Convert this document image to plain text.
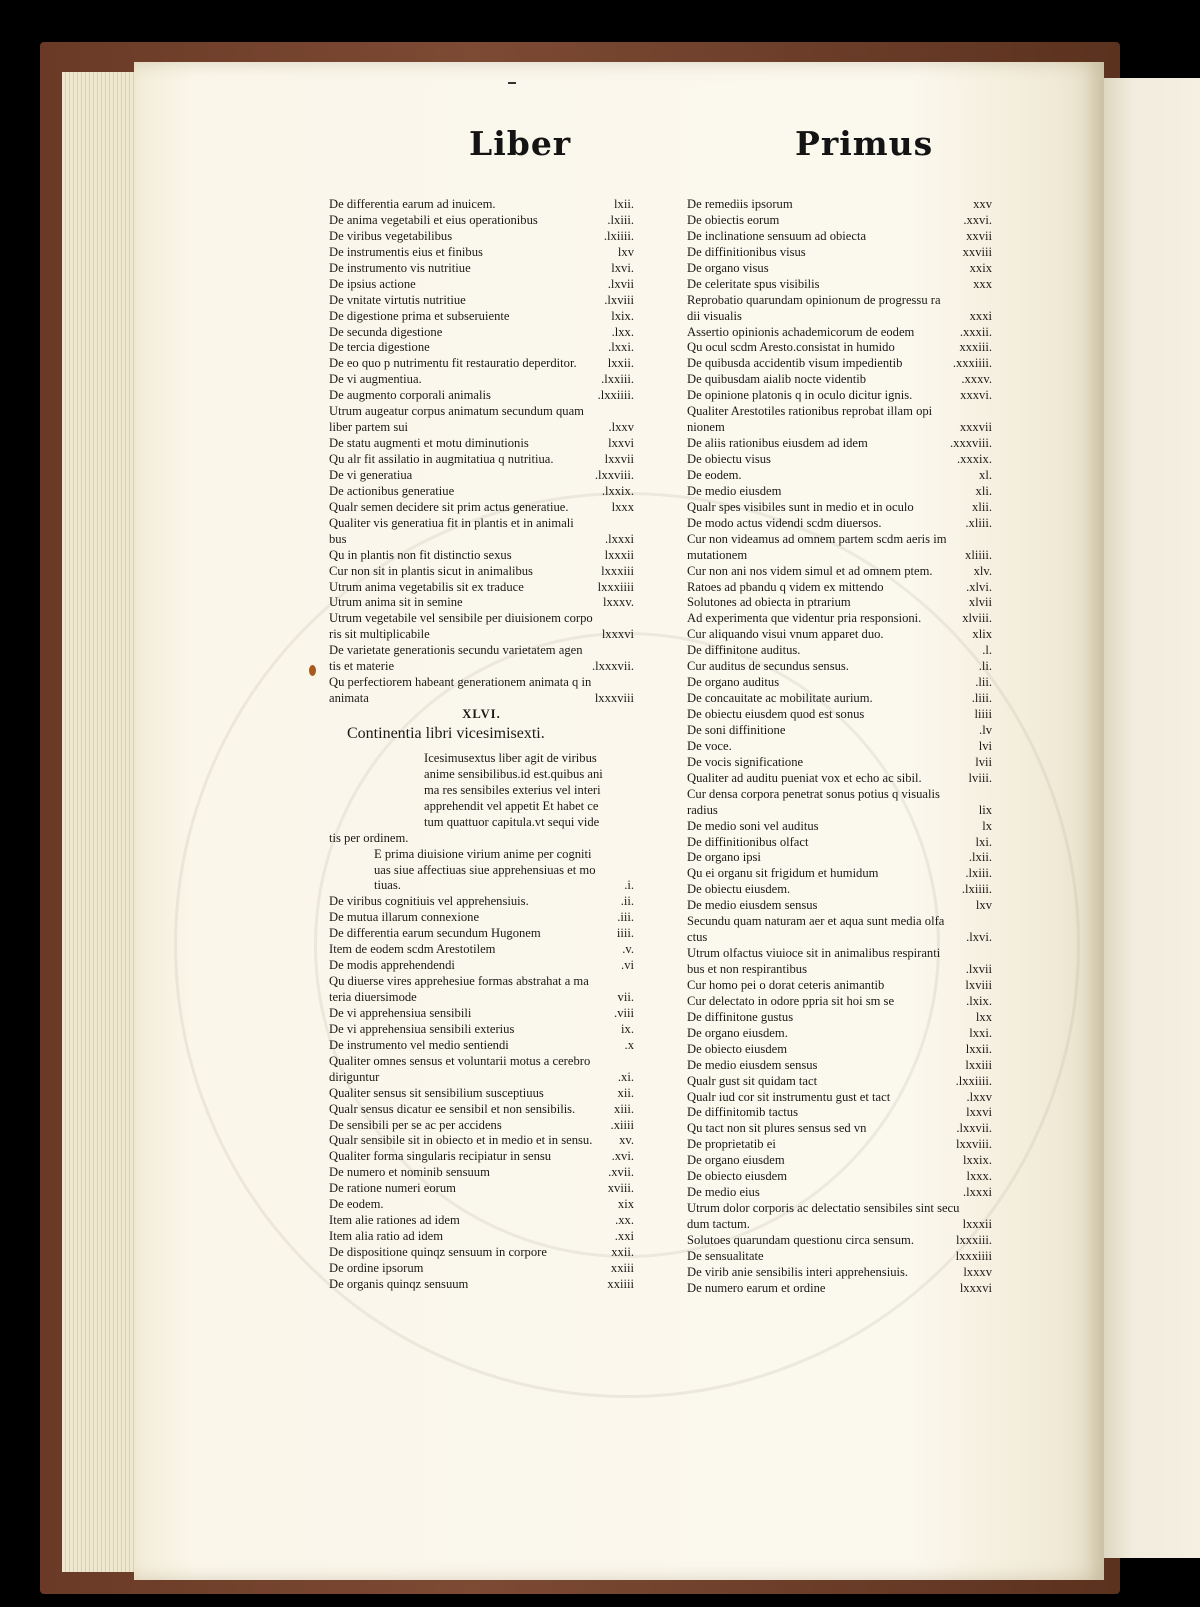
Liber	Primus
De differentia earum ad inuicem.	lxii.
De anima vegetabili et eius operationibus	.lxiii.
De viribus vegetabilibus	.lxiiii.
De instrumentis eius et finibus	lxv
De instrumento vis nutritiue	lxvi.
De ipsius actione	.lxvii
De vnitate virtutis nutritiue	.lxviii
De digestione prima et subseruiente	lxix.
De secunda digestione	.lxx.
De tercia digestione	.lxxi.
De eo quo p nutrimentu fit restauratio deperditor. lxxii.
De vi augmentiua.	.lxxiii.
De augmento corporali animalis	.lxxiiii.
Utrum augeatur corpus animatum secundum quam
liber partem sui	.lxxv
De statu augmenti et motu diminutionis	lxxvi
Qu alr fit assilatio in augmitatiua q nutritiua.	lxxvii
De vi generatiua	.lxxviii.
De actionibus generatiue	.lxxix.
Qualr semen decidere sit prim actus generatiue.	lxxx
Qualiter vis generatiua fit in plantis et in animali
bus	.lxxxi
Qu in plantis non fit distinctio sexus	lxxxii
Cur non sit in plantis sicut in animalibus	lxxxiii
Utrum anima vegetabilis sit ex traduce	lxxxiiii
Utrum anima sit in semine	lxxxv.
Utrum vegetabile vel sensibile per diuisionem corpo
ris sit multiplicabile	lxxxvi
De varietate generationis secundu varietatem agen
tis et materie	.lxxxvii.
Qu perfectiorem habeant generationem animata q in
animata	lxxxviii
XLVI.
Continentia libri vicesimisexti.
Icesimusextus liber agit de viribus
anime sensibilibus.id est.quibus ani
ma res sensibiles exterius vel interi
apprehendit vel appetit Et habet ce
tum quattuor capitula.vt sequi vide
tis per ordinem.
E prima diuisione virium anime per cogniti
uas siue affectiuas siue apprehensiuas et mo
tiuas.	.i.
De viribus cognitiuis vel apprehensiuis.	.ii.
De mutua illarum connexione	.iii.
De differentia earum secundum Hugonem	iiii.
Item de eodem scdm Arestotilem	.v.
De modis apprehendendi	.vi
Qu diuerse vires apprehesiue formas abstrahat a ma
teria diuersimode	vii.
De vi apprehensiua sensibili	.viii
De vi apprehensiua sensibili exterius	ix.
De instrumento vel medio sentiendi	.x
Qualiter omnes sensus et voluntarii motus a cerebro
diriguntur	.xi.
Qualiter sensus sit sensibilium susceptiuus	xii.
Qualr sensus dicatur ee sensibil et non sensibilis.	xiii.
De sensibili per se ac per accidens	.xiiii
Qualr sensibile sit in obiecto et in medio et in sensu. xv.
Qualiter forma singularis recipiatur in sensu	.xvi.
De numero et nominib sensuum	.xvii.
De ratione numeri eorum	xviii.
De eodem.	xix
Item alie rationes ad idem	.xx.
Item alia ratio ad idem	.xxi
De dispositione quinqz sensuum in corpore	xxii.
De ordine ipsorum	xxiii
De organis quinqz sensuum	xxiiii
De remediis ipsorum	xxv
De obiectis eorum	.xxvi.
De inclinatione sensuum ad obiecta	xxvii
De diffinitionibus visus	xxviii
De organo visus	xxix
De celeritate spus visibilis	xxx
Reprobatio quarundam opinionum de progressu ra
dii visualis	xxxi
Assertio opinionis achademicorum de eodem	.xxxii.
Qu ocul scdm Aresto.consistat in humido	xxxiii.
De quibusda accidentib visum impedientib	.xxxiiii.
De quibusdam aialib nocte videntib	.xxxv.
De opinione platonis q in oculo dicitur ignis.	xxxvi.
Qualiter Arestotiles rationibus reprobat illam opi
nionem	xxxvii
De aliis rationibus eiusdem ad idem	.xxxviii.
De obiectu visus	.xxxix.
De eodem.	xl.
De medio eiusdem	xli.
Qualr spes visibiles sunt in medio et in oculo	xlii.
De modo actus videndi scdm diuersos.	.xliii.
Cur non videamus ad omnem partem scdm aeris im
mutationem	xliiii.
Cur non ani nos videm simul et ad omnem ptem.	xlv.
Ratoes ad pbandu q videm ex mittendo	.xlvi.
Solutones ad obiecta in ptrarium	xlvii
Ad experimenta que videntur pria responsioni.	xlviii.
Cur aliquando visui vnum apparet duo.	xlix
De diffinitone auditus.	.l.
Cur auditus de secundus sensus.	.li.
De organo auditus	.lii.
De concauitate ac mobilitate aurium.	.liii.
De obiectu eiusdem quod est sonus	liiii
De soni diffinitione	.lv
De voce.	lvi
De vocis significatione	lvii
Qualiter ad auditu pueniat vox et echo ac sibil.	lviii.
Cur densa corpora penetrat sonus potius q visualis
radius	lix
De medio soni vel auditus	lx
De diffinitionibus olfact	lxi.
De organo ipsi	.lxii.
Qu ei organu sit frigidum et humidum	.lxiii.
De obiectu eiusdem.	.lxiiii.
De medio eiusdem sensus	lxv
Secundu quam naturam aer et aqua sunt media olfa
ctus	.lxvi.
Utrum olfactus viuioce sit in animalibus respiranti
bus et non respirantibus	.lxvii
Cur homo pei o dorat ceteris animantib	lxviii
Cur delectato in odore ppria sit hoi sm se	.lxix.
De diffinitone gustus	lxx
De organo eiusdem.	lxxi.
De obiecto eiusdem	lxxii.
De medio eiusdem sensus	lxxiii
Qualr gust sit quidam tact	.lxxiiii.
Qualr iud cor sit instrumentu gust et tact	.lxxv
De diffinitomib tactus	lxxvi
Qu tact non sit plures sensus sed vn	.lxxvii.
De proprietatib ei	lxxviii.
De organo eiusdem	lxxix.
De obiecto eiusdem	lxxx.
De medio eius	.lxxxi
Utrum dolor corporis ac delectatio sensibiles sint secu
dum tactum.	lxxxii
Solutoes quarundam questionu circa sensum.	lxxxiii.
De sensualitate	lxxxiiii
De virib anie sensibilis interi apprehensiuis.	lxxxv
De numero earum et ordine	lxxxvi
